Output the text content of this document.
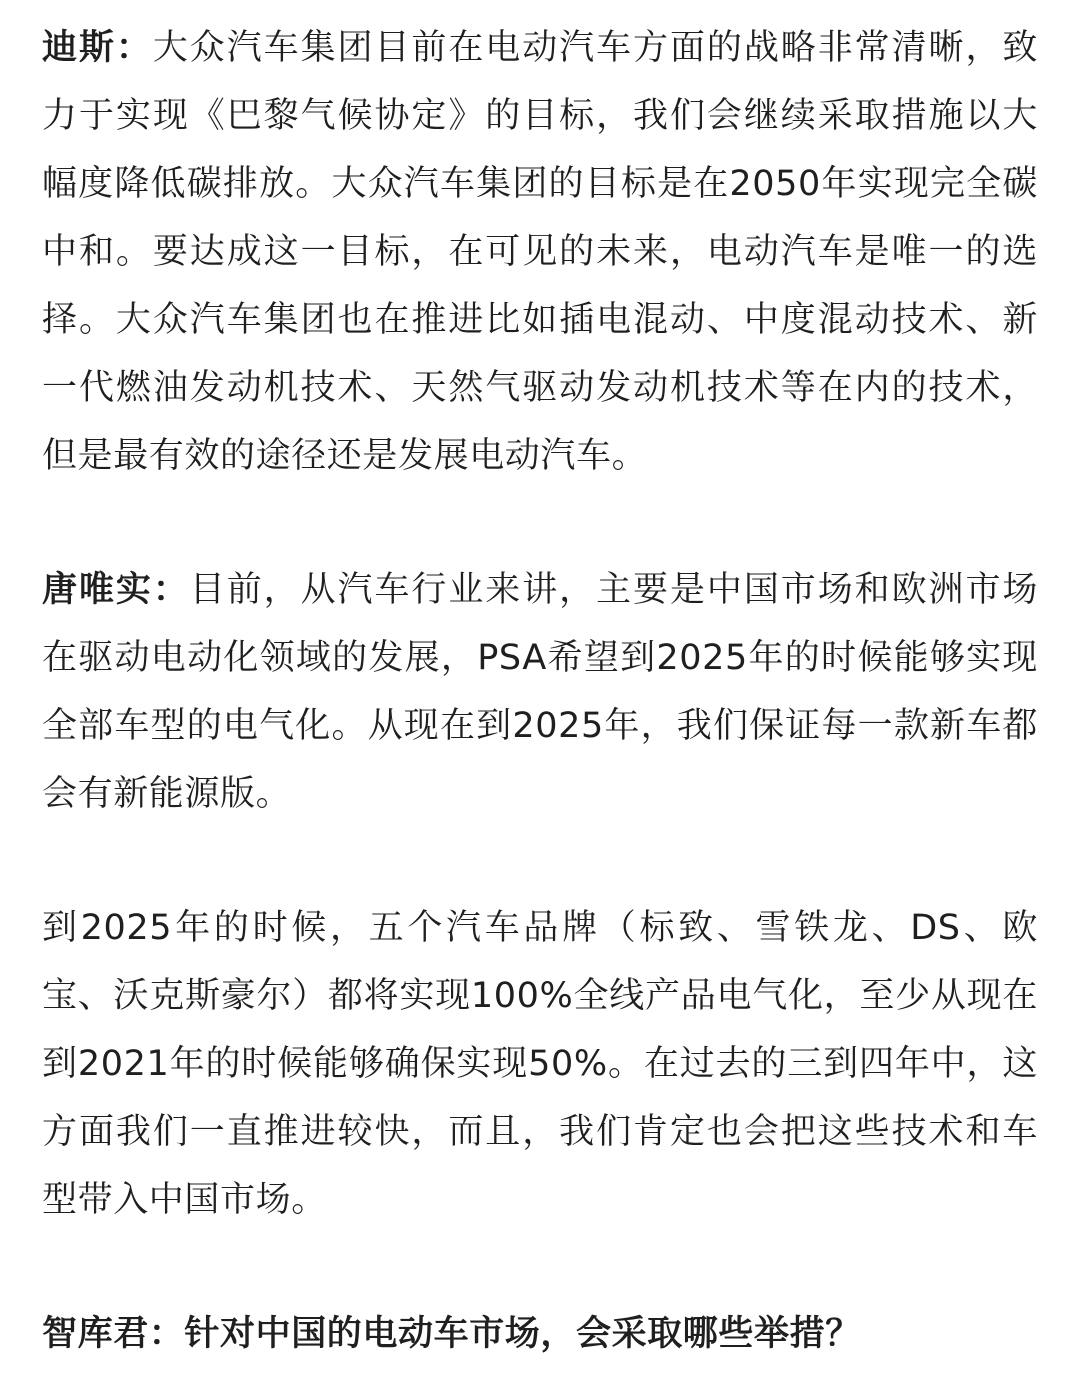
迪斯：大众汽车集团目前在电动汽车方面的战略非常清晰，致力于实现《巴黎气候协定》的目标，我们会继续采取措施以大幅度降低碳排放。大众汽车集团的目标是在2050年实现完全碳中和。要达成这一目标，在可见的未来，电动汽车是唯一的选择。大众汽车集团也在推进比如插电混动、中度混动技术、新一代燃油发动机技术、天然气驱动发动机技术等在内的技术，但是最有效的途径还是发展电动汽车。

唐唯实：目前，从汽车行业来讲，主要是中国市场和欧洲市场在驱动电动化领域的发展，PSA希望到2025年的时候能够实现全部车型的电气化。从现在到2025年，我们保证每一款新车都会有新能源版。

到2025年的时候，五个汽车品牌（标致、雪铁龙、DS、欧宝、沃克斯豪尔）都将实现100%全线产品电气化，至少从现在到2021年的时候能够确保实现50%。在过去的三到四年中，这方面我们一直推进较快，而且，我们肯定也会把这些技术和车型带入中国市场。

智库君：针对中国的电动车市场，会采取哪些举措？
